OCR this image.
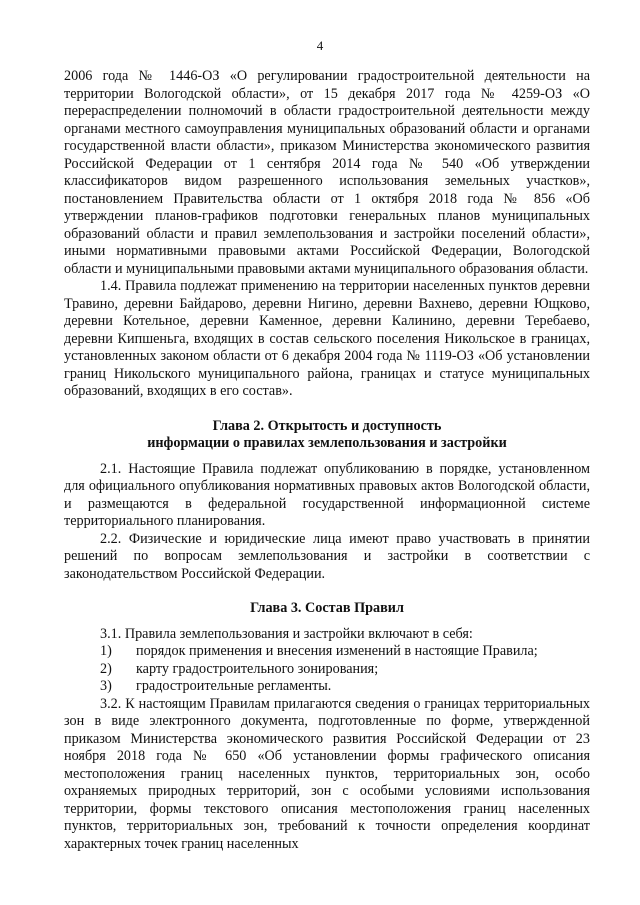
4

2006 года № 1446-ОЗ «О регулировании градостроительной деятельности на территории Вологодской области», от 15 декабря 2017 года № 4259-ОЗ «О перераспределении полномочий в области градостроительной деятельности между органами местного самоуправления муниципальных образований области и органами государственной власти области», приказом Министерства экономического развития Российской Федерации от 1 сентября 2014 года № 540 «Об утверждении классификаторов видом разрешенного использования земельных участков», постановлением Правительства области от 1 октября 2018 года № 856 «Об утверждении планов-графиков подготовки генеральных планов муниципальных образований области и правил землепользования и застройки поселений области», иными нормативными правовыми актами Российской Федерации, Вологодской области и муниципальными правовыми актами муниципального образования области.

1.4. Правила подлежат применению на территории населенных пунктов деревни Травино, деревни Байдарово, деревни Нигино, деревни Вахнево, деревни Ющково, деревни Котельное, деревни Каменное, деревни Калинино, деревни Теребаево, деревни Кипшеньга, входящих в состав сельского поселения Никольское в границах, установленных законом области от 6 декабря 2004 года № 1119-ОЗ «Об установлении границ Никольского муниципального района, границах и статусе муниципальных образований, входящих в его состав».

Глава 2. Открытость и доступность

информации о правилах землепользования и застройки

2.1. Настоящие Правила подлежат опубликованию в порядке, установленном для официального опубликования нормативных правовых актов Вологодской области, и размещаются в федеральной государственной информационной системе территориального планирования.

2.2. Физические и юридические лица имеют право участвовать в принятии решений по вопросам землепользования и застройки в соответствии с законодательством Российской Федерации.

Глава 3. Состав Правил

3.1. Правила землепользования и застройки включают в себя:

1)	порядок применения и внесения изменений в настоящие Правила;
2)	карту градостроительного зонирования;
3)	градостроительные регламенты.

3.2. К настоящим Правилам прилагаются сведения о границах территориальных зон в виде электронного документа, подготовленные по форме, утвержденной приказом Министерства экономического развития Российской Федерации от 23 ноября 2018 года № 650 «Об установлении формы графического описания местоположения границ населенных пунктов, территориальных зон, особо охраняемых природных территорий, зон с особыми условиями использования территории, формы текстового описания местоположения границ населенных пунктов, территориальных зон, требований к точности определения координат характерных точек границ населенных
